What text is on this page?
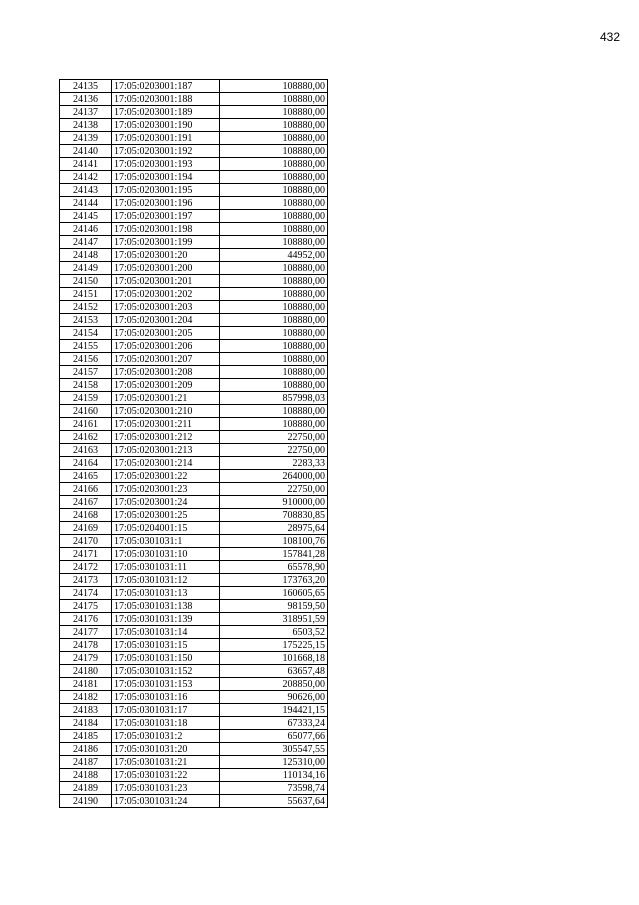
432
24135	17:05:0203001:187	108880,00
24136	17:05:0203001:188	108880,00
24137	17:05:0203001:189	108880,00
24138	17:05:0203001:190	108880,00
24139	17:05:0203001:191	108880,00
24140	17:05:0203001:192	108880,00
24141	17:05:0203001:193	108880,00
24142	17:05:0203001:194	108880,00
24143	17:05:0203001:195	108880,00
24144	17:05:0203001:196	108880,00
24145	17:05:0203001:197	108880,00
24146	17:05:0203001:198	108880,00
24147	17:05:0203001:199	108880,00
24148	17:05:0203001:20	44952,00
24149	17:05:0203001:200	108880,00
24150	17:05:0203001:201	108880,00
24151	17:05:0203001:202	108880,00
24152	17:05:0203001:203	108880,00
24153	17:05:0203001:204	108880,00
24154	17:05:0203001:205	108880,00
24155	17:05:0203001:206	108880,00
24156	17:05:0203001:207	108880,00
24157	17:05:0203001:208	108880,00
24158	17:05:0203001:209	108880,00
24159	17:05:0203001:21	857998,03
24160	17:05:0203001:210	108880,00
24161	17:05:0203001:211	108880,00
24162	17:05:0203001:212	22750,00
24163	17:05:0203001:213	22750,00
24164	17:05:0203001:214	2283,33
24165	17:05:0203001:22	264000,00
24166	17:05:0203001:23	22750,00
24167	17:05:0203001:24	910000,00
24168	17:05:0203001:25	708830,85
24169	17:05:0204001:15	28975,64
24170	17:05:0301031:1	108100,76
24171	17:05:0301031:10	157841,28
24172	17:05:0301031:11	65578,90
24173	17:05:0301031:12	173763,20
24174	17:05:0301031:13	160605,65
24175	17:05:0301031:138	98159,50
24176	17:05:0301031:139	318951,59
24177	17:05:0301031:14	6503,52
24178	17:05:0301031:15	175225,15
24179	17:05:0301031:150	101668,18
24180	17:05:0301031:152	63657,48
24181	17:05:0301031:153	208850,00
24182	17:05:0301031:16	90626,00
24183	17:05:0301031:17	194421,15
24184	17:05:0301031:18	67333,24
24185	17:05:0301031:2	65077,66
24186	17:05:0301031:20	305547,55
24187	17:05:0301031:21	125310,00
24188	17:05:0301031:22	110134,16
24189	17:05:0301031:23	73598,74
24190	17:05:0301031:24	55637,64
